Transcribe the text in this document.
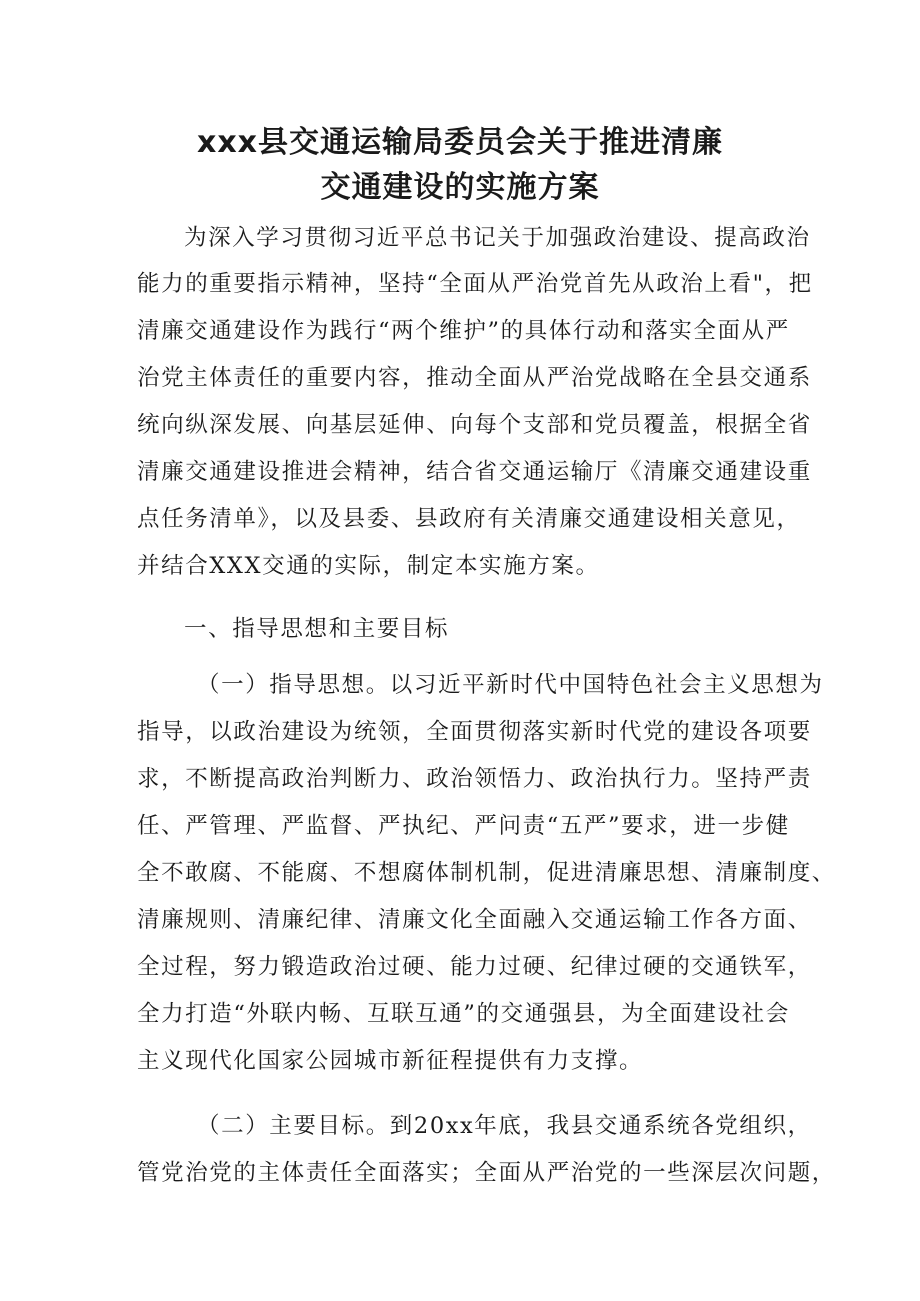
xxx县交通运输局委员会关于推进清廉
交通建设的实施方案

为深入学习贯彻习近平总书记关于加强政治建设、提高政治

能力的重要指示精神，坚持“全面从严治党首先从政治上看"，把

清廉交通建设作为践行“两个维护”的具体行动和落实全面从严

治党主体责任的重要内容，推动全面从严治党战略在全县交通系

统向纵深发展、向基层延伸、向每个支部和党员覆盖，根据全省

清廉交通建设推进会精神，结合省交通运输厅《清廉交通建设重

点任务清单》，以及县委、县政府有关清廉交通建设相关意见，

并结合XXX交通的实际，制定本实施方案。

一、指导思想和主要目标

（一）指导思想。以习近平新时代中国特色社会主义思想为

指导，以政治建设为统领，全面贯彻落实新时代党的建设各项要

求，不断提高政治判断力、政治领悟力、政治执行力。坚持严责

任、严管理、严监督、严执纪、严问责“五严”要求，进一步健

全不敢腐、不能腐、不想腐体制机制，促进清廉思想、清廉制度、

清廉规则、清廉纪律、清廉文化全面融入交通运输工作各方面、

全过程，努力锻造政治过硬、能力过硬、纪律过硬的交通铁军，

全力打造“外联内畅、互联互通”的交通强县，为全面建设社会

主义现代化国家公园城市新征程提供有力支撑。

（二）主要目标。到20xx年底，我县交通系统各党组织，

管党治党的主体责任全面落实；全面从严治党的一些深层次问题，
